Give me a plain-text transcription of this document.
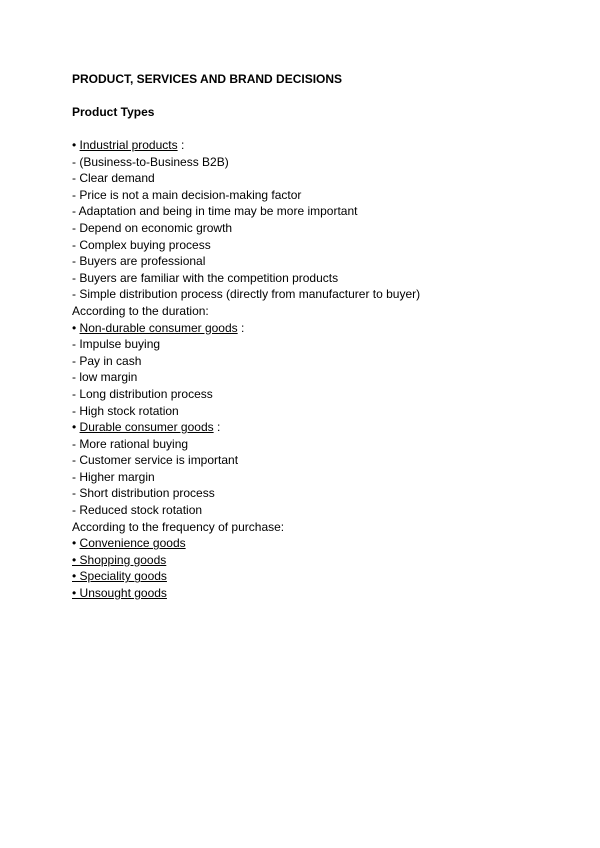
PRODUCT, SERVICES AND BRAND DECISIONS
Product Types
• Industrial products :
- (Business-to-Business B2B)
- Clear demand
- Price is not a main decision-making factor
- Adaptation and being in time may be more important
- Depend on economic growth
- Complex buying process
- Buyers are professional
- Buyers are familiar with the competition products
- Simple distribution process (directly from manufacturer to buyer)
According to the duration:
• Non-durable consumer goods :
- Impulse buying
- Pay in cash
- low margin
- Long distribution process
- High stock rotation
• Durable consumer goods :
- More rational buying
- Customer service is important
- Higher margin
- Short distribution process
- Reduced stock rotation
According to the frequency of purchase:
• Convenience goods
• Shopping goods
• Speciality goods
• Unsought goods
